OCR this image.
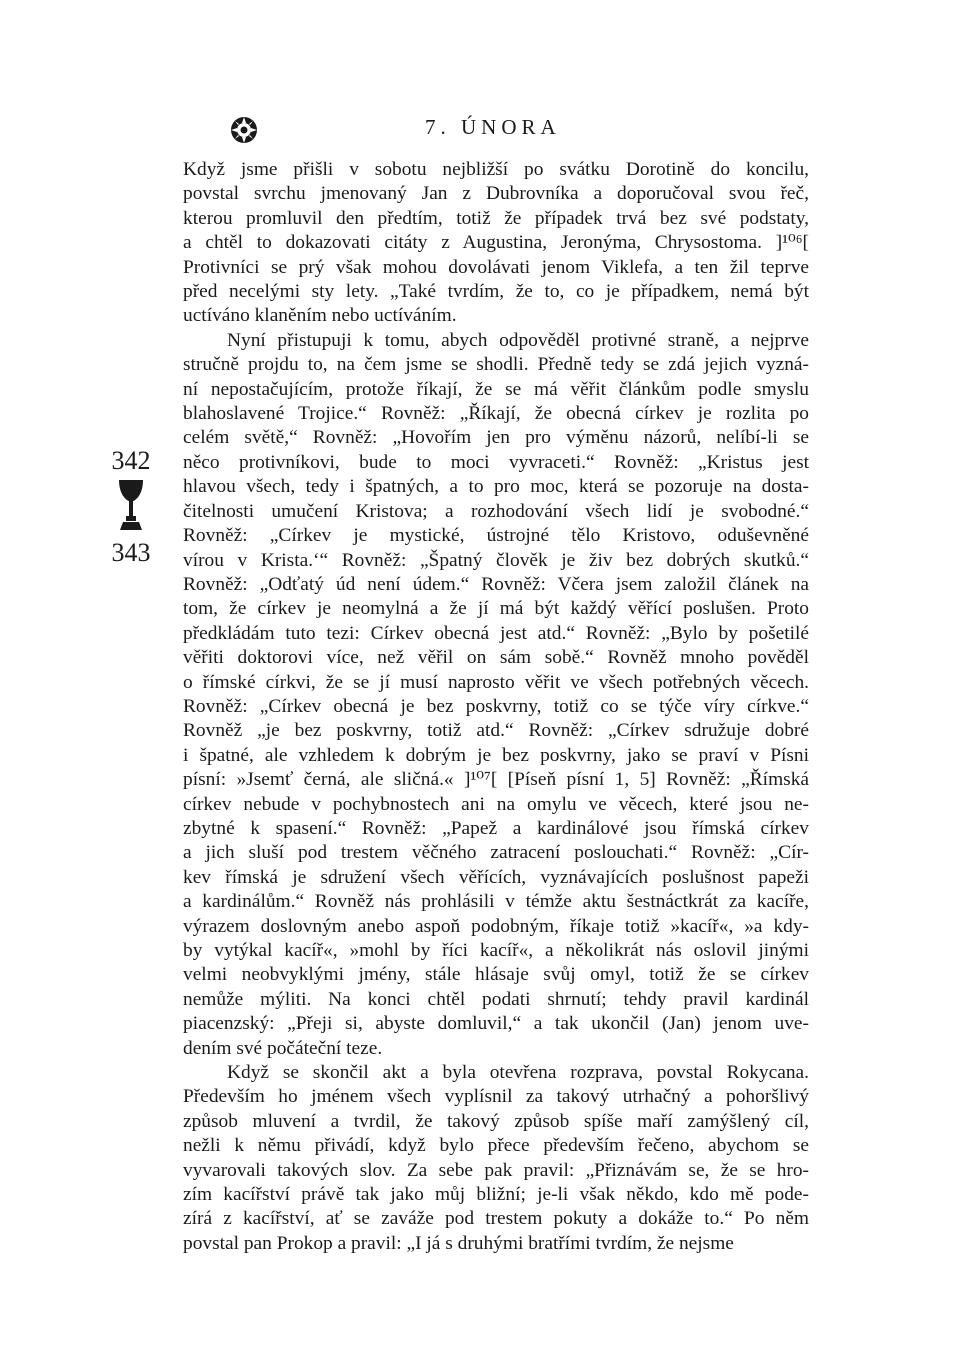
7. ÚNORA
342
343

Když jsme přišli v sobotu nejbližší po svátku Dorotině do koncilu,
povstal svrchu jmenovaný Jan z Dubrovníka a doporučoval svou řeč,
kterou promluvil den předtím, totiž že případek trvá bez své podstaty,
a chtěl to dokazovati citáty z Augustina, Jeronýma, Chrysostoma. ]¹⁰⁶[
Protivníci se prý však mohou dovolávati jenom Viklefa, a ten žil teprve
před necelými sty lety. „Také tvrdím, že to, co je případkem, nemá být
uctíváno klaněním nebo uctíváním.

Nyní přistupuji k tomu, abych odpověděl protivné straně, a nejprve
stručně projdu to, na čem jsme se shodli. Předně tedy se zdá jejich vyzná-
ní nepostačujícím, protože říkají, že se má věřit článkům podle smyslu
blahoslavené Trojice.“ Rovněž: „Říkají, že obecná církev je rozlita po
celém světě,“ Rovněž: „Hovořím jen pro výměnu názorů, nelíbí-li se
něco protivníkovi, bude to moci vyvraceti.“ Rovněž: „Kristus jest
hlavou všech, tedy i špatných, a to pro moc, která se pozoruje na dosta-
čitelnosti umučení Kristova; a rozhodování všech lidí je svobodné.“
Rovněž: „Církev je mystické, ústrojné tělo Kristovo, oduševněné
vírou v Krista.‘“ Rovněž: „Špatný člověk je živ bez dobrých skutků.“
Rovněž: „Odťatý úd není údem.“ Rovněž: Včera jsem založil článek na
tom, že církev je neomylná a že jí má být každý věřící poslušen. Proto
předkládám tuto tezi: Církev obecná jest atd.“ Rovněž: „Bylo by pošetilé
věřiti doktorovi více, než věřil on sám sobě.“ Rovněž mnoho pověděl
o římské církvi, že se jí musí naprosto věřit ve všech potřebných věcech.
Rovněž: „Církev obecná je bez poskvrny, totiž co se týče víry církve.“
Rovněž „je bez poskvrny, totiž atd.“ Rovněž: „Církev sdružuje dobré
i špatné, ale vzhledem k dobrým je bez poskvrny, jako se praví v Písni
písní: »Jsemť černá, ale sličná.« ]¹⁰⁷[ [Píseň písní 1, 5] Rovněž: „Římská
církev nebude v pochybnostech ani na omylu ve věcech, které jsou ne-
zbytné k spasení.“ Rovněž: „Papež a kardinálové jsou římská církev
a jich sluší pod trestem věčného zatracení poslouchati.“ Rovněž: „Cír-
kev římská je sdružení všech věřících, vyznávajících poslušnost papeži
a kardinálům.“ Rovněž nás prohlásili v témže aktu šestnáctkrát za kacíře,
výrazem doslovným anebo aspoň podobným, říkaje totiž »kacíř«, »a kdy-
by vytýkal kacíř«, »mohl by říci kacíř«, a několikrát nás oslovil jinými
velmi neobvyklými jmény, stále hlásaje svůj omyl, totiž že se církev
nemůže mýliti. Na konci chtěl podati shrnutí; tehdy pravil kardinál
piacenzský: „Přeji si, abyste domluvil,“ a tak ukončil (Jan) jenom uve-
dením své počáteční teze.

Když se skončil akt a byla otevřena rozprava, povstal Rokycana.
Především ho jménem všech vyplísnil za takový utrhačný a pohoršlivý
způsob mluvení a tvrdil, že takový způsob spíše maří zamýšlený cíl,
nežli k němu přivádí, když bylo přece především řečeno, abychom se
vyvarovali takových slov. Za sebe pak pravil: „Přiznávám se, že se hro-
zím kacířství právě tak jako můj bližní; je-li však někdo, kdo mě pode-
zírá z kacířství, ať se zaváže pod trestem pokuty a dokáže to.“ Po něm
povstal pan Prokop a pravil: „I já s druhými bratřími tvrdím, že nejsme
